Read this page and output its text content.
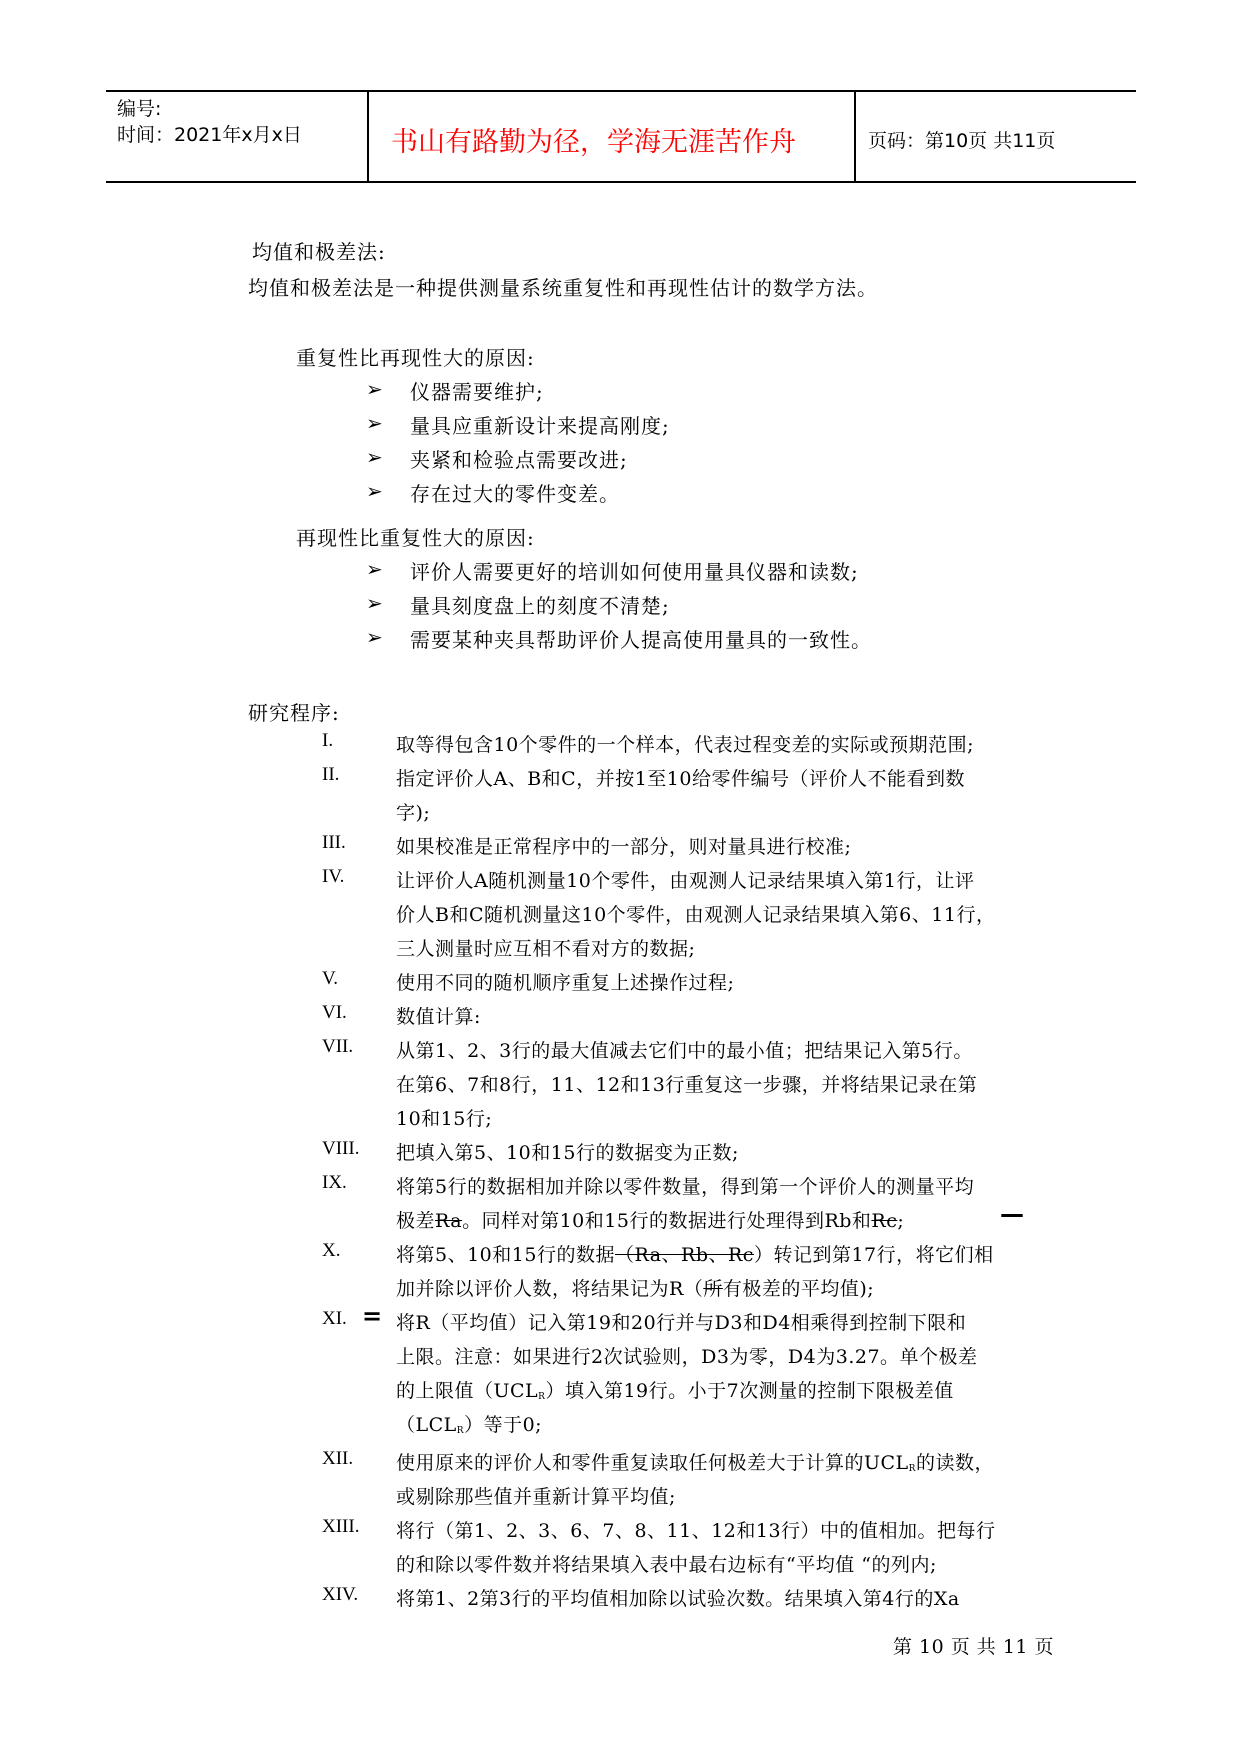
编号:
时间：2021年x月x日	书山有路勤为径，学海无涯苦作舟	页码：第10页 共11页
均值和极差法:
均值和极差法是一种提供测量系统重复性和再现性估计的数学方法。
重复性比再现性大的原因:
➢ 仪器需要维护;
➢ 量具应重新设计来提高刚度;
➢ 夹紧和检验点需要改进;
➢ 存在过大的零件变差。
再现性比重复性大的原因:
➢ 评价人需要更好的培训如何使用量具仪器和读数;
➢ 量具刻度盘上的刻度不清楚;
➢ 需要某种夹具帮助评价人提高使用量具的一致性。
研究程序:
I.	取等得包含10个零件的一个样本，代表过程变差的实际或预期范围;
II.	指定评价人A、B和C，并按1至10给零件编号（评价人不能看到数
字);
III.	如果校准是正常程序中的一部分，则对量具进行校准;
IV.	让评价人A随机测量10个零件，由观测人记录结果填入第1行，让评
价人B和C随机测量这10个零件，由观测人记录结果填入第6、11行，
三人测量时应互相不看对方的数据;
V.	使用不同的随机顺序重复上述操作过程;
VI.	数值计算:
VII. 从第1、2、3行的最大值减去它们中的最小值；把结果记入第5行。
在第6、7和8行，11、12和13行重复这一步骤，并将结果记录在第
10和15行;
VIII. 把填入第5、10和15行的数据变为正数;
IX.	将第5行的数据相加并除以零件数量，得到第一个评价人的测量平均
极差Ra。同样对第10和15行的数据进行处理得到Rb和Rc;	—
X.	将第5、10和15行的数据（Ra、Rb、Rc）转记到第17行，将它们相
加并除以评价人数，将结果记为R（所有极差的平均值);
XI. = 将R（平均值）记入第19和20行并与D3和D4相乘得到控制下限和
上限。注意：如果进行2次试验则，D3为零，D4为3.27。单个极差
的上限值$(UCL_R)$填入第19行。小于7次测量的控制下限极差值
$(LCL_R)$等于0;
XII. 使用原来的评价人和零件重复读取任何极差大于计算的$UCL_R$的读数，
或剔除那些值并重新计算平均值;
XIII. 将行（第1、2、3、6、7、8、11、12和13行）中的值相加。把每行
的和除以零件数并将结果填入表中最右边标有“平均值 “的列内;
XIV. 将第1、2第3行的平均值相加除以试验次数。结果填入第4行的Xa
第 10 页 共 11 页
